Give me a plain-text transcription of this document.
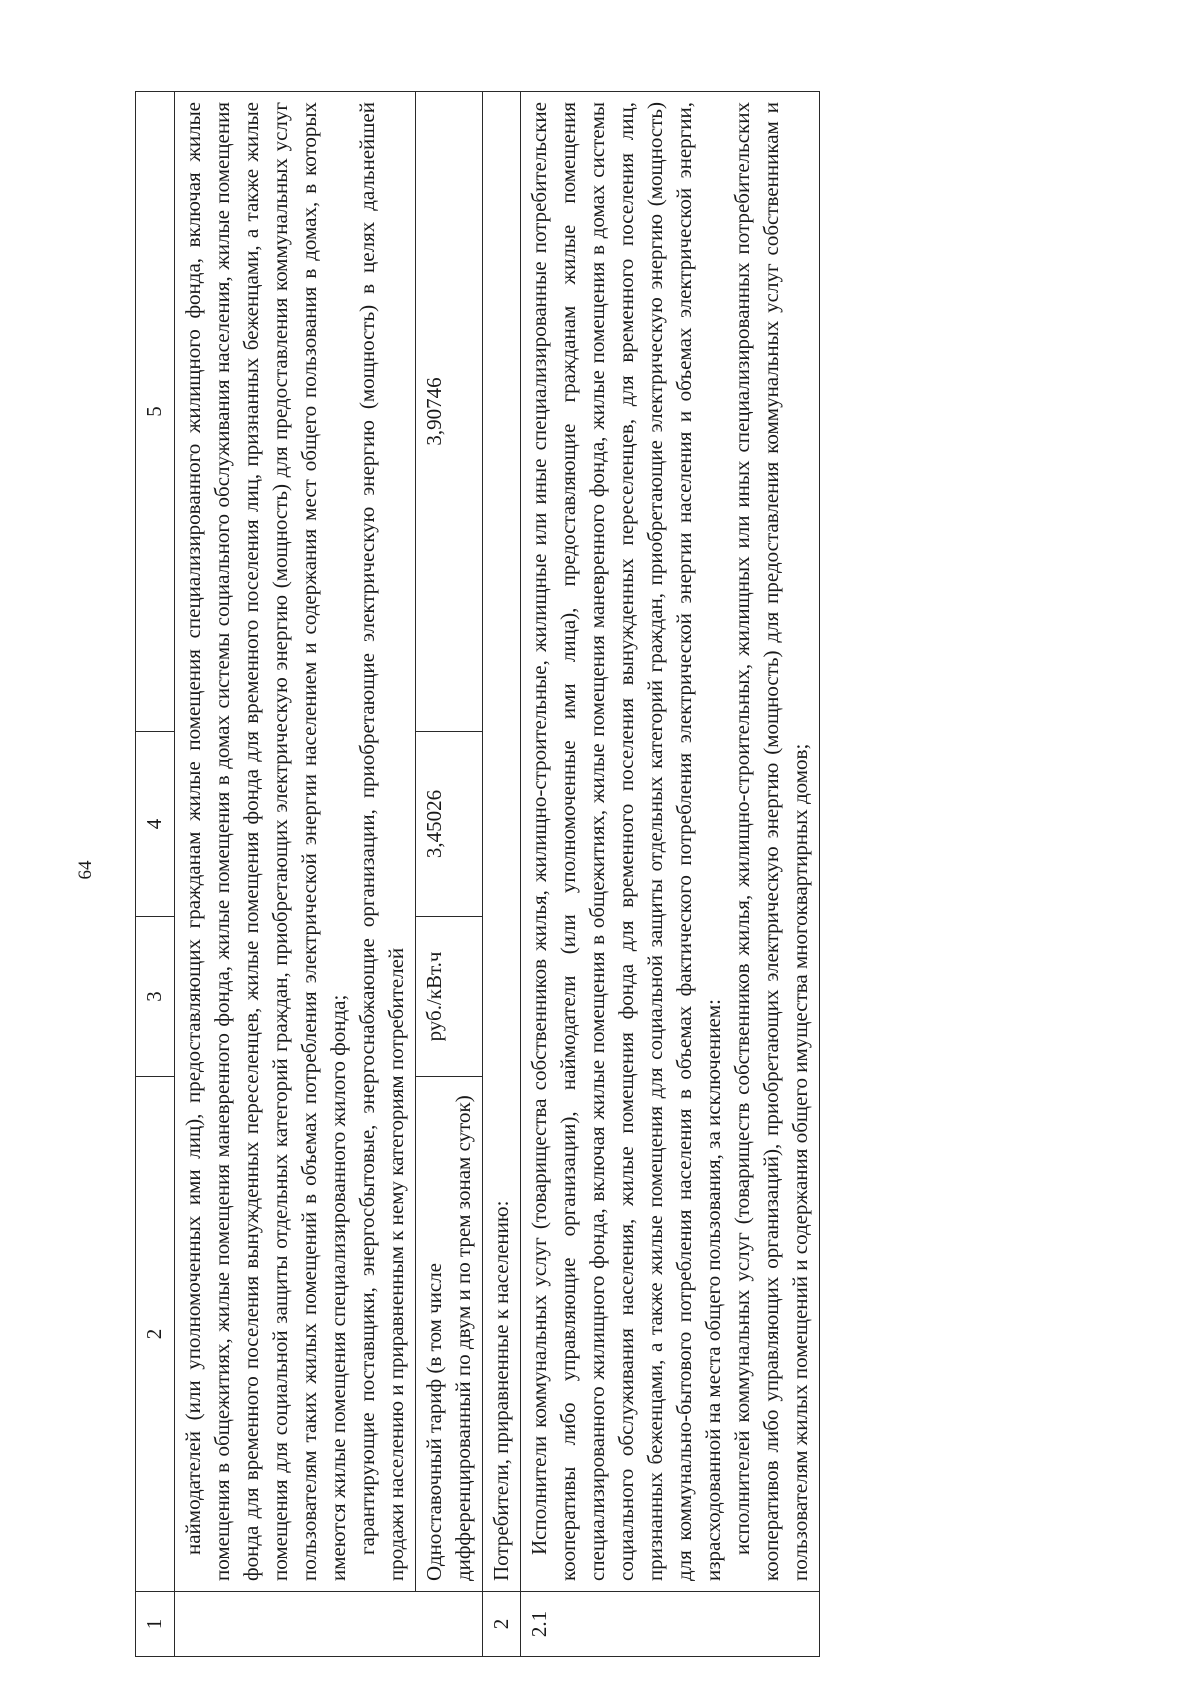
64
1	2	3	4	5

	наймодателей (или уполномоченных ими лиц), предоставляющих гражданам жилые помещения специализированного жилищного фонда, включая жилые помещения в общежитиях, жилые помещения маневренного фонда, жилые помещения в домах системы социального обслуживания населения, жилые помещения фонда для временного поселения вынужденных переселенцев, жилые помещения фонда для временного поселения лиц, признанных беженцами, а также жилые помещения для социальной защиты отдельных категорий граждан, приобретающих электрическую энергию (мощность) для предоставления коммунальных услуг пользователям таких жилых помещений в объемах потребления электрической энергии населением и содержания мест общего пользования в домах, в которых имеются жилые помещения специализированного жилого фонда; гарантирующие поставщики, энергосбытовые, энергоснабжающие организации, приобретающие электрическую энергию (мощность) в целях дальнейшей продажи населению и приравненным к нему категориям потребителей			

	Одноставочный тариф (в том числе дифференцированный по двум и по трем зонам суток)	руб./кВт.ч	3,45026	3,90746
2	Потребители, приравненные к населению:			
2.1	Исполнители коммунальных услуг (товарищества собственников жилья, жилищно-строительные, жилищные или иные специализированные потребительские кооперативы либо управляющие организации), наймодатели (или уполномоченные ими лица), предоставляющие гражданам жилые помещения специализированного жилищного фонда, включая жилые помещения в общежитиях, жилые помещения маневренного фонда, жилые помещения в домах системы социального обслуживания населения, жилые помещения фонда для временного поселения вынужденных переселенцев, для временного поселения лиц, признанных беженцами, а также жилые помещения для социальной защиты отдельных категорий граждан, приобретающие электрическую энергию (мощность) для коммунально-бытового потребления населения в объемах фактического потребления электрической энергии населения и объемах электрической энергии, израсходованной на места общего пользования, за исключением: исполнителей коммунальных услуг (товариществ собственников жилья, жилищно-строительных, жилищных или иных специализированных потребительских кооперативов либо управляющих организаций), приобретающих электрическую энергию (мощность) для предоставления коммунальных услуг собственникам и пользователям жилых помещений и содержания общего имущества многоквартирных домов;			
